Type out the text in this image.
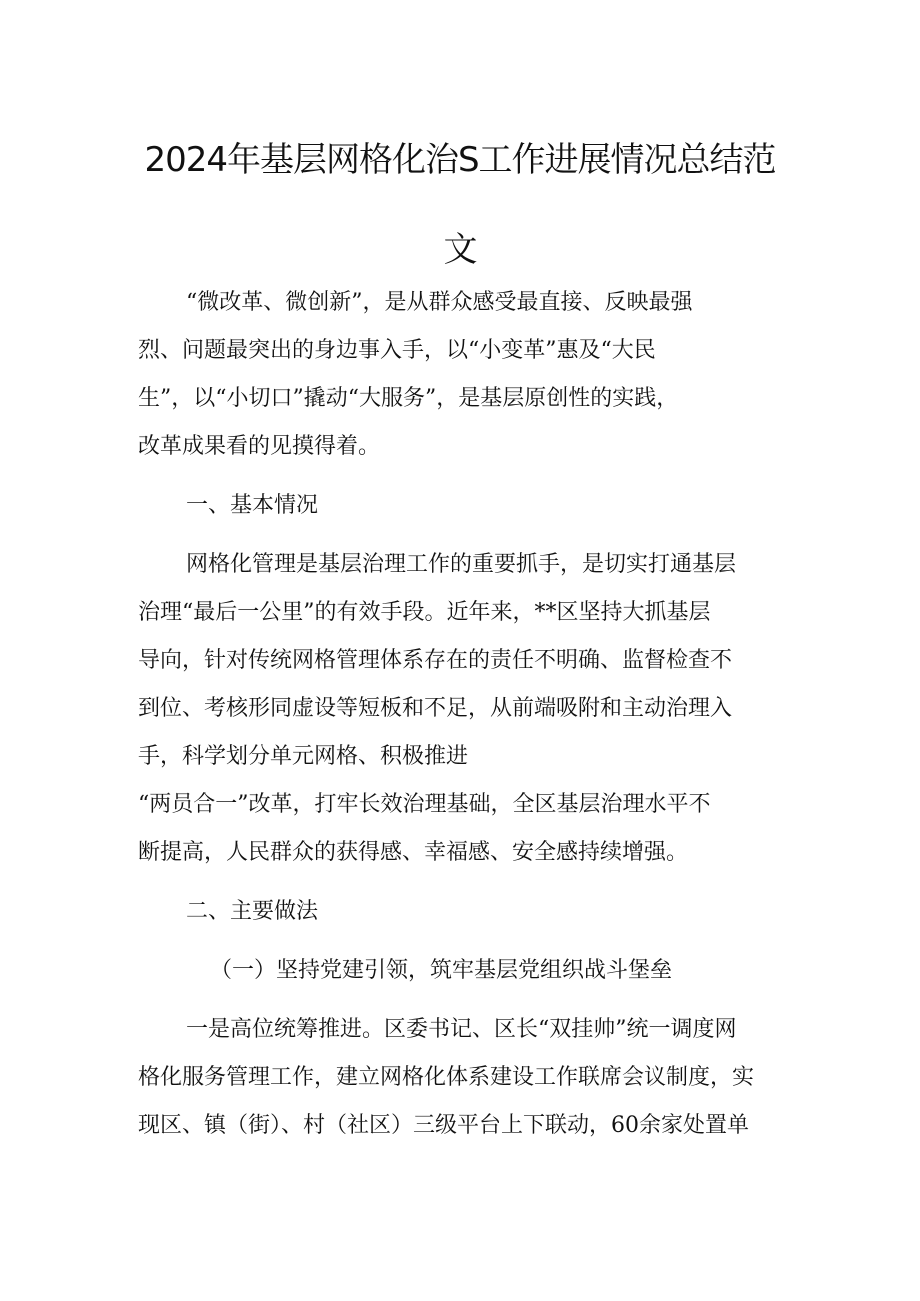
2024年基层网格化治S工作进展情况总结范
文
“微改革、微创新”，是从群众感受最直接、反映最强
烈、问题最突出的身边事入手，以“小变革”惠及“大民
生”，以“小切口”撬动“大服务”，是基层原创性的实践，
改革成果看的见摸得着。
一、基本情况
网格化管理是基层治理工作的重要抓手，是切实打通基层
治理“最后一公里”的有效手段。近年来，**区坚持大抓基层
导向，针对传统网格管理体系存在的责任不明确、监督检查不
到位、考核形同虚设等短板和不足，从前端吸附和主动治理入
手，科学划分单元网格、积极推进
“两员合一”改革，打牢长效治理基础，全区基层治理水平不
断提高，人民群众的获得感、幸福感、安全感持续增强。
二、主要做法
（一）坚持党建引领，筑牢基层党组织战斗堡垒
一是高位统筹推进。区委书记、区长“双挂帅”统一调度网
格化服务管理工作，建立网格化体系建设工作联席会议制度，实
现区、镇（街）、村（社区）三级平台上下联动，60余家处置单
